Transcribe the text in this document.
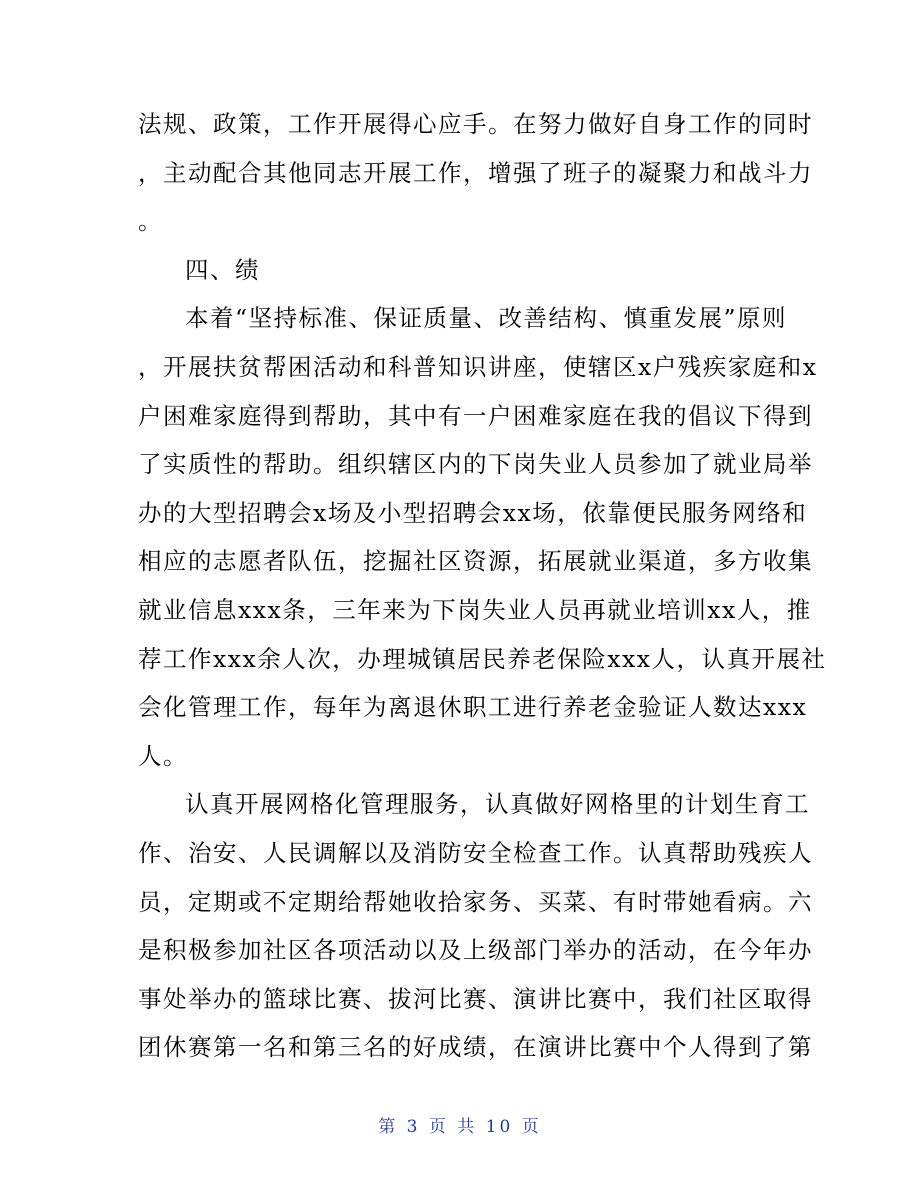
法规、政策，工作开展得心应手。在努力做好自身工作的同时
，主动配合其他同志开展工作，增强了班子的凝聚力和战斗力
。
四、绩
本着“坚持标准、保证质量、改善结构、慎重发展”原则
，开展扶贫帮困活动和科普知识讲座，使辖区x户残疾家庭和x
户困难家庭得到帮助，其中有一户困难家庭在我的倡议下得到
了实质性的帮助。组织辖区内的下岗失业人员参加了就业局举
办的大型招聘会x场及小型招聘会xx场，依靠便民服务网络和
相应的志愿者队伍，挖掘社区资源，拓展就业渠道，多方收集
就业信息xxx条，三年来为下岗失业人员再就业培训xx人，推
荐工作xxx余人次，办理城镇居民养老保险xxx人，认真开展社
会化管理工作，每年为离退休职工进行养老金验证人数达xxx
人。
认真开展网格化管理服务，认真做好网格里的计划生育工
作、治安、人民调解以及消防安全检查工作。认真帮助残疾人
员，定期或不定期给帮她收拾家务、买菜、有时带她看病。六
是积极参加社区各项活动以及上级部门举办的活动，在今年办
事处举办的篮球比赛、拔河比赛、演讲比赛中，我们社区取得
团休赛第一名和第三名的好成绩，在演讲比赛中个人得到了第
第 3 页 共 10 页
